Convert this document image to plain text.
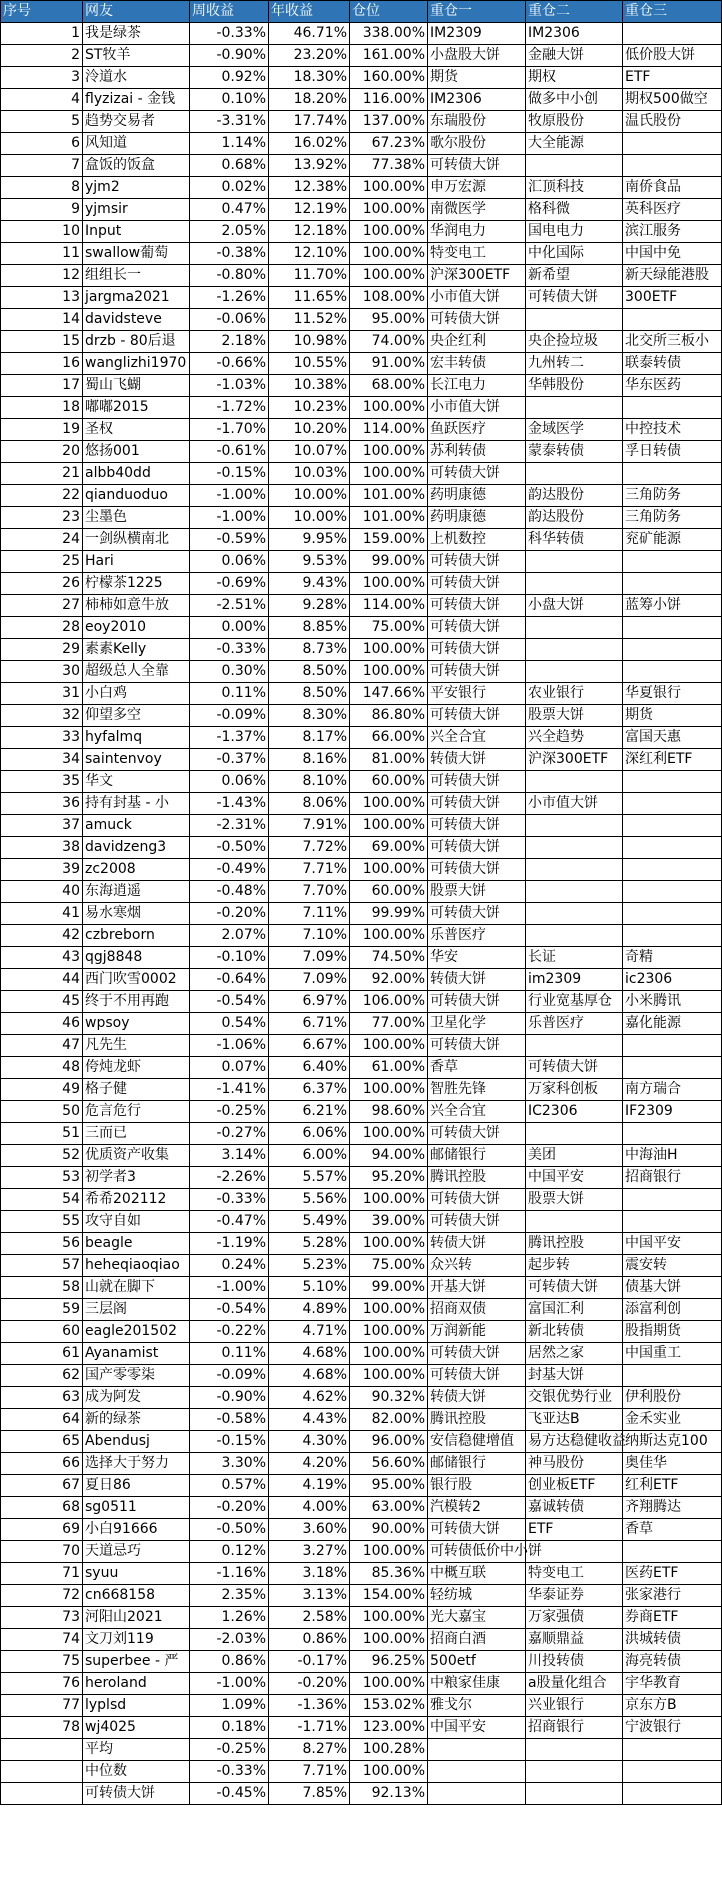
序号	网友	周收益	年收益	仓位	重仓一	重仓二	重仓三
1	我是绿茶	-0.33%	46.71%	338.00%	IM2309	IM2306	
2	ST牧羊	-0.90%	23.20%	161.00%	小盘股大饼	金融大饼	低价股大饼
3	泠道水	0.92%	18.30%	160.00%	期货	期权	ETF
4	flyzizai - 金钱	0.10%	18.20%	116.00%	IM2306	做多中小创	期权500做空
5	趋势交易者	-3.31%	17.74%	137.00%	东瑞股份	牧原股份	温氏股份
6	风知道	1.14%	16.02%	67.23%	歌尔股份	大全能源	
7	盒饭的饭盒	0.68%	13.92%	77.38%	可转债大饼		
8	yjm2	0.02%	12.38%	100.00%	申万宏源	汇顶科技	南侨食品
9	yjmsir	0.47%	12.19%	100.00%	南微医学	格科微	英科医疗
10	Input	2.05%	12.18%	100.00%	华润电力	国电电力	滨江服务
11	swallow葡萄	-0.38%	12.10%	100.00%	特变电工	中化国际	中国中免
12	组组长一	-0.80%	11.70%	100.00%	沪深300ETF	新希望	新天绿能港股
13	jargma2021	-1.26%	11.65%	108.00%	小市值大饼	可转债大饼	300ETF
14	davidsteve	-0.06%	11.52%	95.00%	可转债大饼		
15	drzb - 80后退	2.18%	10.98%	74.00%	央企红利	央企捡垃圾	北交所三板小
16	wanglizhi1970	-0.66%	10.55%	91.00%	宏丰转债	九州转二	联泰转债
17	蜀山飞蝴	-1.03%	10.38%	68.00%	长江电力	华韩股份	华东医药
18	嘟嘟2015	-1.72%	10.23%	100.00%	小市值大饼		
19	圣权	-1.70%	10.20%	114.00%	鱼跃医疗	金域医学	中控技术
20	悠扬001	-0.61%	10.07%	100.00%	苏利转债	蒙泰转债	孚日转债
21	albb40dd	-0.15%	10.03%	100.00%	可转债大饼		
22	qianduoduo	-1.00%	10.00%	101.00%	药明康德	韵达股份	三角防务
23	尘墨色	-1.00%	10.00%	101.00%	药明康德	韵达股份	三角防务
24	一剑纵横南北	-0.59%	9.95%	159.00%	上机数控	科华转债	兖矿能源
25	Hari	0.06%	9.53%	99.00%	可转债大饼		
26	柠檬茶1225	-0.69%	9.43%	100.00%	可转债大饼		
27	柿柿如意牛放	-2.51%	9.28%	114.00%	可转债大饼	小盘大饼	蓝筹小饼
28	eoy2010	0.00%	8.85%	75.00%	可转债大饼		
29	素素Kelly	-0.33%	8.73%	100.00%	可转债大饼		
30	超级总人全靠	0.30%	8.50%	100.00%	可转债大饼		
31	小白鸡	0.11%	8.50%	147.66%	平安银行	农业银行	华夏银行
32	仰望多空	-0.09%	8.30%	86.80%	可转债大饼	股票大饼	期货
33	hyfalmq	-1.37%	8.17%	66.00%	兴全合宜	兴全趋势	富国天惠
34	saintenvoy	-0.37%	8.16%	81.00%	转债大饼	沪深300ETF	深红利ETF
35	华文	0.06%	8.10%	60.00%	可转债大饼		
36	持有封基 - 小	-1.43%	8.06%	100.00%	可转债大饼	小市值大饼	
37	amuck	-2.31%	7.91%	100.00%	可转债大饼		
38	davidzeng3	-0.50%	7.72%	69.00%	可转债大饼		
39	zc2008	-0.49%	7.71%	100.00%	可转债大饼		
40	东海逍遥	-0.48%	7.70%	60.00%	股票大饼		
41	易水寒烟	-0.20%	7.11%	99.99%	可转债大饼		
42	czbreborn	2.07%	7.10%	100.00%	乐普医疗		
43	qgj8848	-0.10%	7.09%	74.50%	华安	长证	奇精
44	西门吹雪0002	-0.64%	7.09%	92.00%	转债大饼	im2309	ic2306
45	终于不用再跑	-0.54%	6.97%	106.00%	可转债大饼	行业宽基厚仓	小米腾讯
46	wpsoy	0.54%	6.71%	77.00%	卫星化学	乐普医疗	嘉化能源
47	凡先生	-1.06%	6.67%	100.00%	可转债大饼		
48	侉炖龙虾	0.07%	6.40%	61.00%	香草	可转债大饼	
49	格子健	-1.41%	6.37%	100.00%	智胜先锋	万家科创板	南方瑞合
50	危言危行	-0.25%	6.21%	98.60%	兴全合宜	IC2306	IF2309
51	三而已	-0.27%	6.06%	100.00%	可转债大饼		
52	优质资产收集	3.14%	6.00%	94.00%	邮储银行	美团	中海油H
53	初学者3	-2.26%	5.57%	95.20%	腾讯控股	中国平安	招商银行
54	希希202112	-0.33%	5.56%	100.00%	可转债大饼	股票大饼	
55	攻守自如	-0.47%	5.49%	39.00%	可转债大饼		
56	beagle	-1.19%	5.28%	100.00%	转债大饼	腾讯控股	中国平安
57	heheqiaoqiao	0.24%	5.23%	75.00%	众兴转	起步转	震安转
58	山就在脚下	-1.00%	5.10%	99.00%	开基大饼	可转债大饼	债基大饼
59	三层阁	-0.54%	4.89%	100.00%	招商双债	富国汇利	添富利创
60	eagle201502	-0.22%	4.71%	100.00%	万润新能	新北转债	股指期货
61	Ayanamist	0.11%	4.68%	100.00%	可转债大饼	居然之家	中国重工
62	国产零零柒	-0.09%	4.68%	100.00%	可转债大饼	封基大饼	
63	成为阿发	-0.90%	4.62%	90.32%	转债大饼	交银优势行业	伊利股份
64	新的绿茶	-0.58%	4.43%	82.00%	腾讯控股	飞亚达B	金禾实业
65	Abendusj	-0.15%	4.30%	96.00%	安信稳健增值	易方达稳健收益	纳斯达克100
66	选择大于努力	3.30%	4.20%	56.60%	邮储银行	神马股份	奥佳华
67	夏日86	0.57%	4.19%	95.00%	银行股	创业板ETF	红利ETF
68	sg0511	-0.20%	4.00%	63.00%	汽模转2	嘉诚转债	齐翔腾达
69	小白91666	-0.50%	3.60%	90.00%	可转债大饼	ETF	香草
70	天道忌巧	0.12%	3.27%	100.00%	可转债低价中小饼		
71	syuu	-1.16%	3.18%	85.36%	中概互联	特变电工	医药ETF
72	cn668158	2.35%	3.13%	154.00%	轻纺城	华泰证券	张家港行
73	河阳山2021	1.26%	2.58%	100.00%	光大嘉宝	万家强债	券商ETF
74	文刀刘119	-2.03%	0.86%	100.00%	招商白酒	嘉顺鼎益	洪城转债
75	superbee - 严	0.86%	-0.17%	96.25%	500etf	川投转债	海亮转债
76	heroland	-1.00%	-0.20%	100.00%	中粮家佳康	a股量化组合	宇华教育
77	lyplsd	1.09%	-1.36%	153.02%	雅戈尔	兴业银行	京东方B
78	wj4025	0.18%	-1.71%	123.00%	中国平安	招商银行	宁波银行
	平均	-0.25%	8.27%	100.28%			
	中位数	-0.33%	7.71%	100.00%			
	可转债大饼	-0.45%	7.85%	92.13%			
